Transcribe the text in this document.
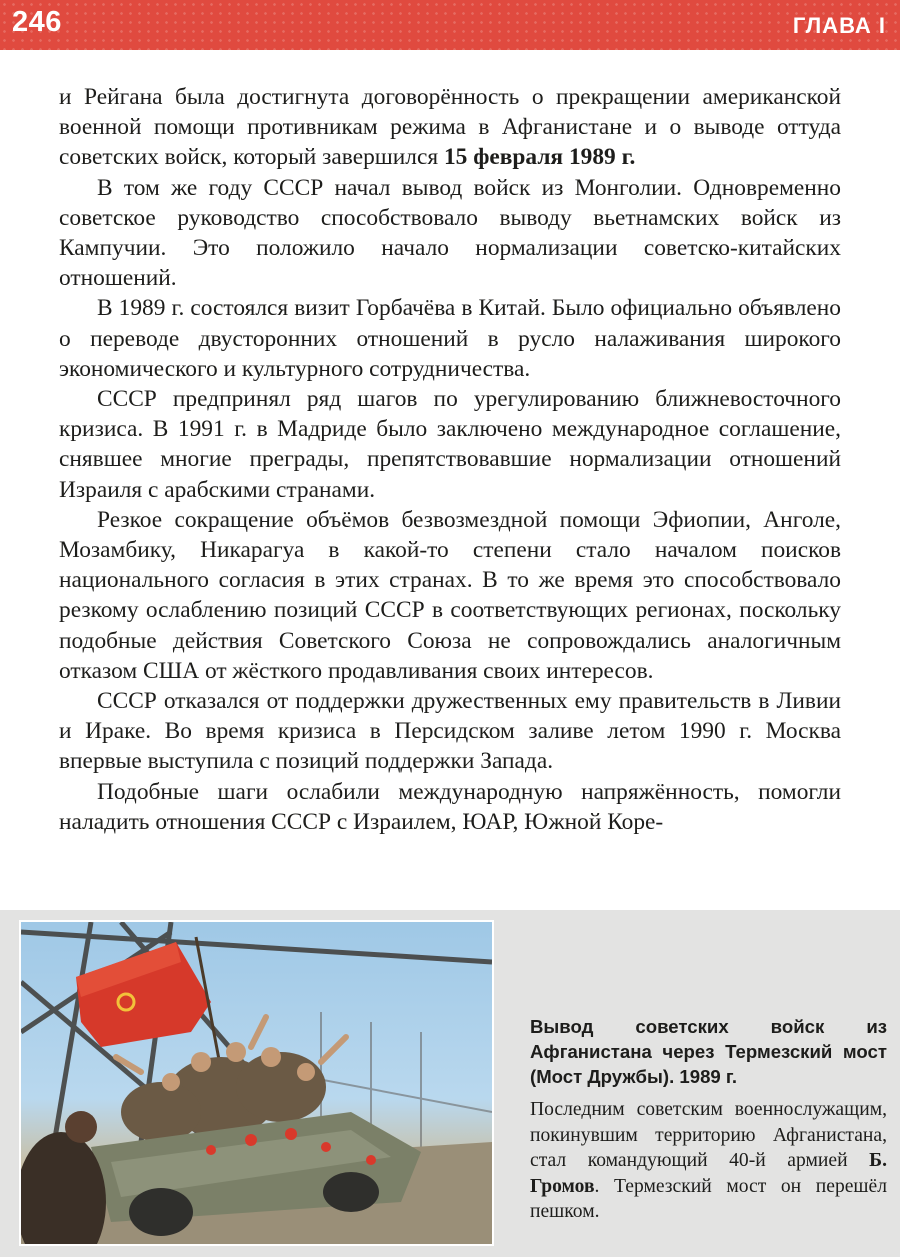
246	ГЛАВА I

и Рейгана была достигнута договорённость о прекращении американской военной помощи противникам режима в Афганистане и о выводе оттуда советских войск, который завершился 15 февраля 1989 г.

В том же году СССР начал вывод войск из Монголии. Одновременно советское руководство способствовало выводу вьетнамских войск из Кампучии. Это положило начало нормализации советско-китайских отношений.

В 1989 г. состоялся визит Горбачёва в Китай. Было официально объявлено о переводе двусторонних отношений в русло налаживания широкого экономического и культурного сотрудничества.

СССР предпринял ряд шагов по урегулированию ближневосточного кризиса. В 1991 г. в Мадриде было заключено международное соглашение, снявшее многие преграды, препятствовавшие нормализации отношений Израиля с арабскими странами.

Резкое сокращение объёмов безвозмездной помощи Эфиопии, Анголе, Мозамбику, Никарагуа в какой-то степени стало началом поисков национального согласия в этих странах. В то же время это способствовало резкому ослаблению позиций СССР в соответствующих регионах, поскольку подобные действия Советского Союза не сопровождались аналогичным отказом США от жёсткого продавливания своих интересов.

СССР отказался от поддержки дружественных ему правительств в Ливии и Ираке. Во время кризиса в Персидском заливе летом 1990 г. Москва впервые выступила с позиций поддержки Запада.

Подобные шаги ослабили международную напряжённость, помогли наладить отношения СССР с Израилем, ЮАР, Южной Коре-

Вывод советских войск из Афганистана через Термезский мост (Мост Дружбы). 1989 г.

Последним советским военнослужащим, покинувшим территорию Афганистана, стал командующий 40-й армией Б. Громов. Термезский мост он перешёл пешком.
